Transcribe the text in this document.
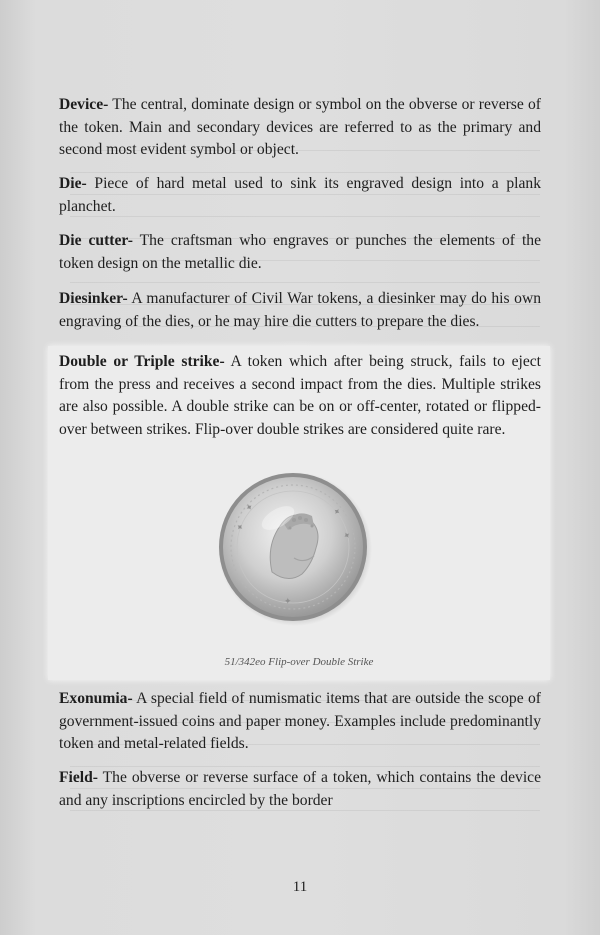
Device- The central, dominate design or symbol on the obverse or reverse of the token. Main and secondary devices are referred to as the primary and second most evident symbol or object.
Die- Piece of hard metal used to sink its engraved design into a plank planchet.
Die cutter- The craftsman who engraves or punches the elements of the token design on the metallic die.
Diesinker- A manufacturer of Civil War tokens, a diesinker may do his own engraving of the dies, or he may hire die cutters to prepare the dies.
Double or Triple strike- A token which after being struck, fails to eject from the press and receives a second impact from the dies. Multiple strikes are also possible. A double strike can be on or off-center, rotated or flipped-over between strikes. Flip-over double strikes are considered quite rare.
✦
✦	✦
✦
✦
51/342eo Flip-over Double Strike
Exonumia- A special field of numismatic items that are outside the scope of government-issued coins and paper money. Examples include predominantly token and metal-related fields.
Field- The obverse or reverse surface of a token, which contains the device and any inscriptions encircled by the border
11
